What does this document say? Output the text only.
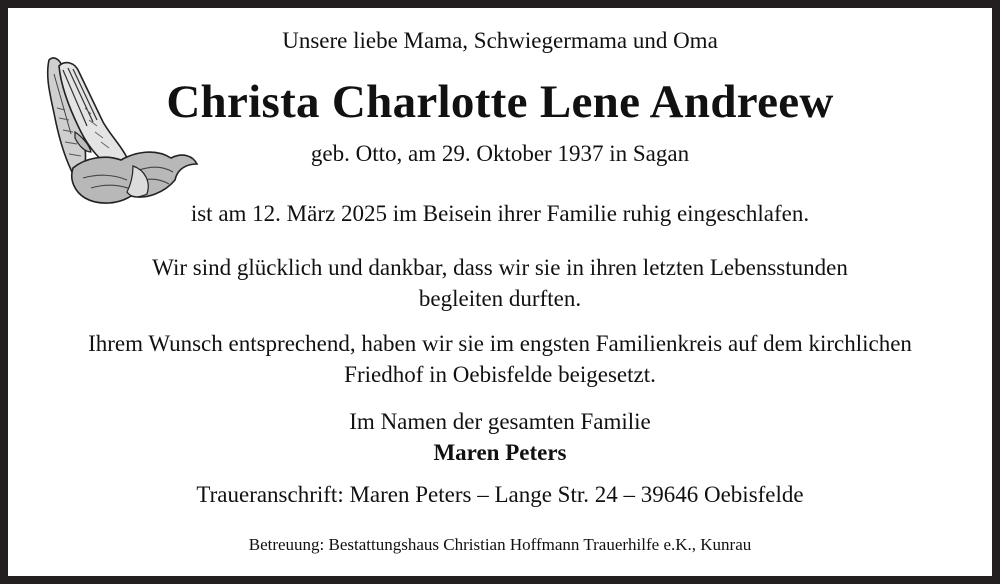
Unsere liebe Mama, Schwiegermama und Oma
Christa Charlotte Lene Andreew
geb. Otto, am 29. Oktober 1937 in Sagan
ist am 12. März 2025 im Beisein ihrer Familie ruhig eingeschlafen.
Wir sind glücklich und dankbar, dass wir sie in ihren letzten Lebensstunden
begleiten durften.
Ihrem Wunsch entsprechend, haben wir sie im engsten Familienkreis auf dem kirchlichen
Friedhof in Oebisfelde beigesetzt.
Im Namen der gesamten Familie
Maren Peters
Traueranschrift: Maren Peters – Lange Str. 24 – 39646 Oebisfelde
Betreuung: Bestattungshaus Christian Hoffmann Trauerhilfe e.K., Kunrau
